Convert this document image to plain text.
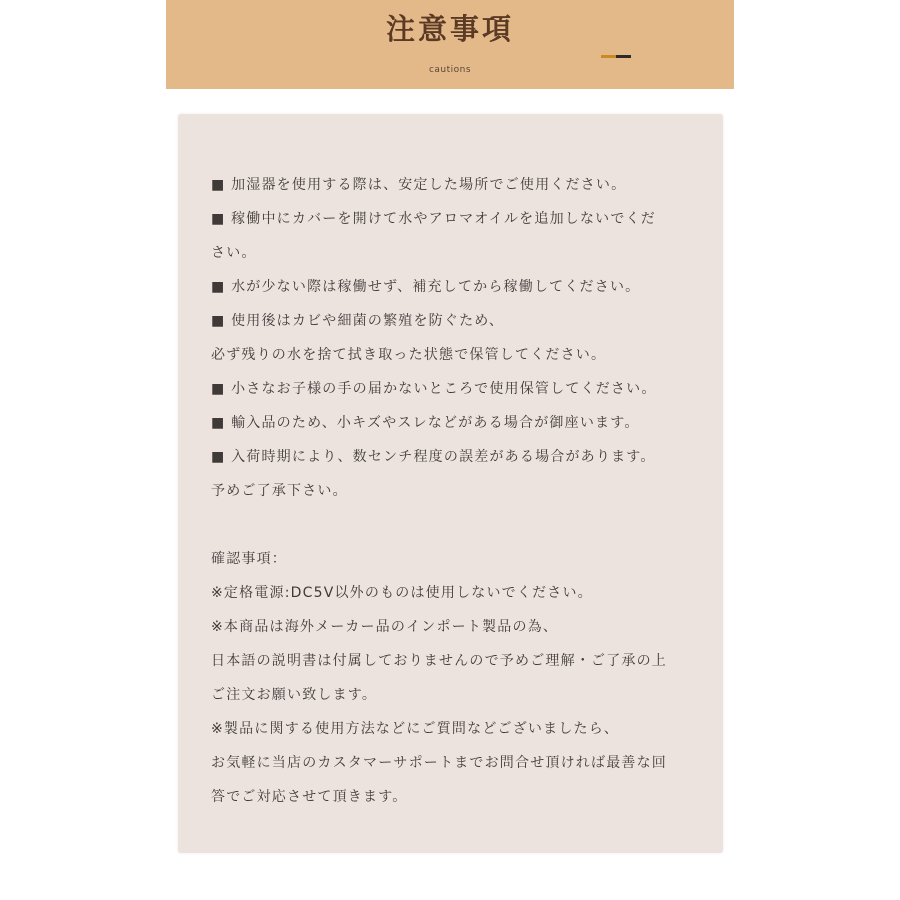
注意事項
cautions
■ 加湿器を使用する際は、安定した場所でご使用ください。
■ 稼働中にカバーを開けて水やアロマオイルを追加しないでくだ
さい。
■ 水が少ない際は稼働せず、補充してから稼働してください。
■ 使用後はカビや細菌の繁殖を防ぐため、
必ず残りの水を捨て拭き取った状態で保管してください。
■ 小さなお子様の手の届かないところで使用保管してください。
■ 輸入品のため、小キズやスレなどがある場合が御座います。
■ 入荷時期により、数センチ程度の誤差がある場合があります。
予めご了承下さい。
確認事項：
※定格電源:DC5V以外のものは使用しないでください。
※本商品は海外メーカー品のインポート製品の為、
日本語の説明書は付属しておりませんので予めご理解・ご了承の上
ご注文お願い致します。
※製品に関する使用方法などにご質問などございましたら、
お気軽に当店のカスタマーサポートまでお問合せ頂ければ最善な回
答でご対応させて頂きます。
